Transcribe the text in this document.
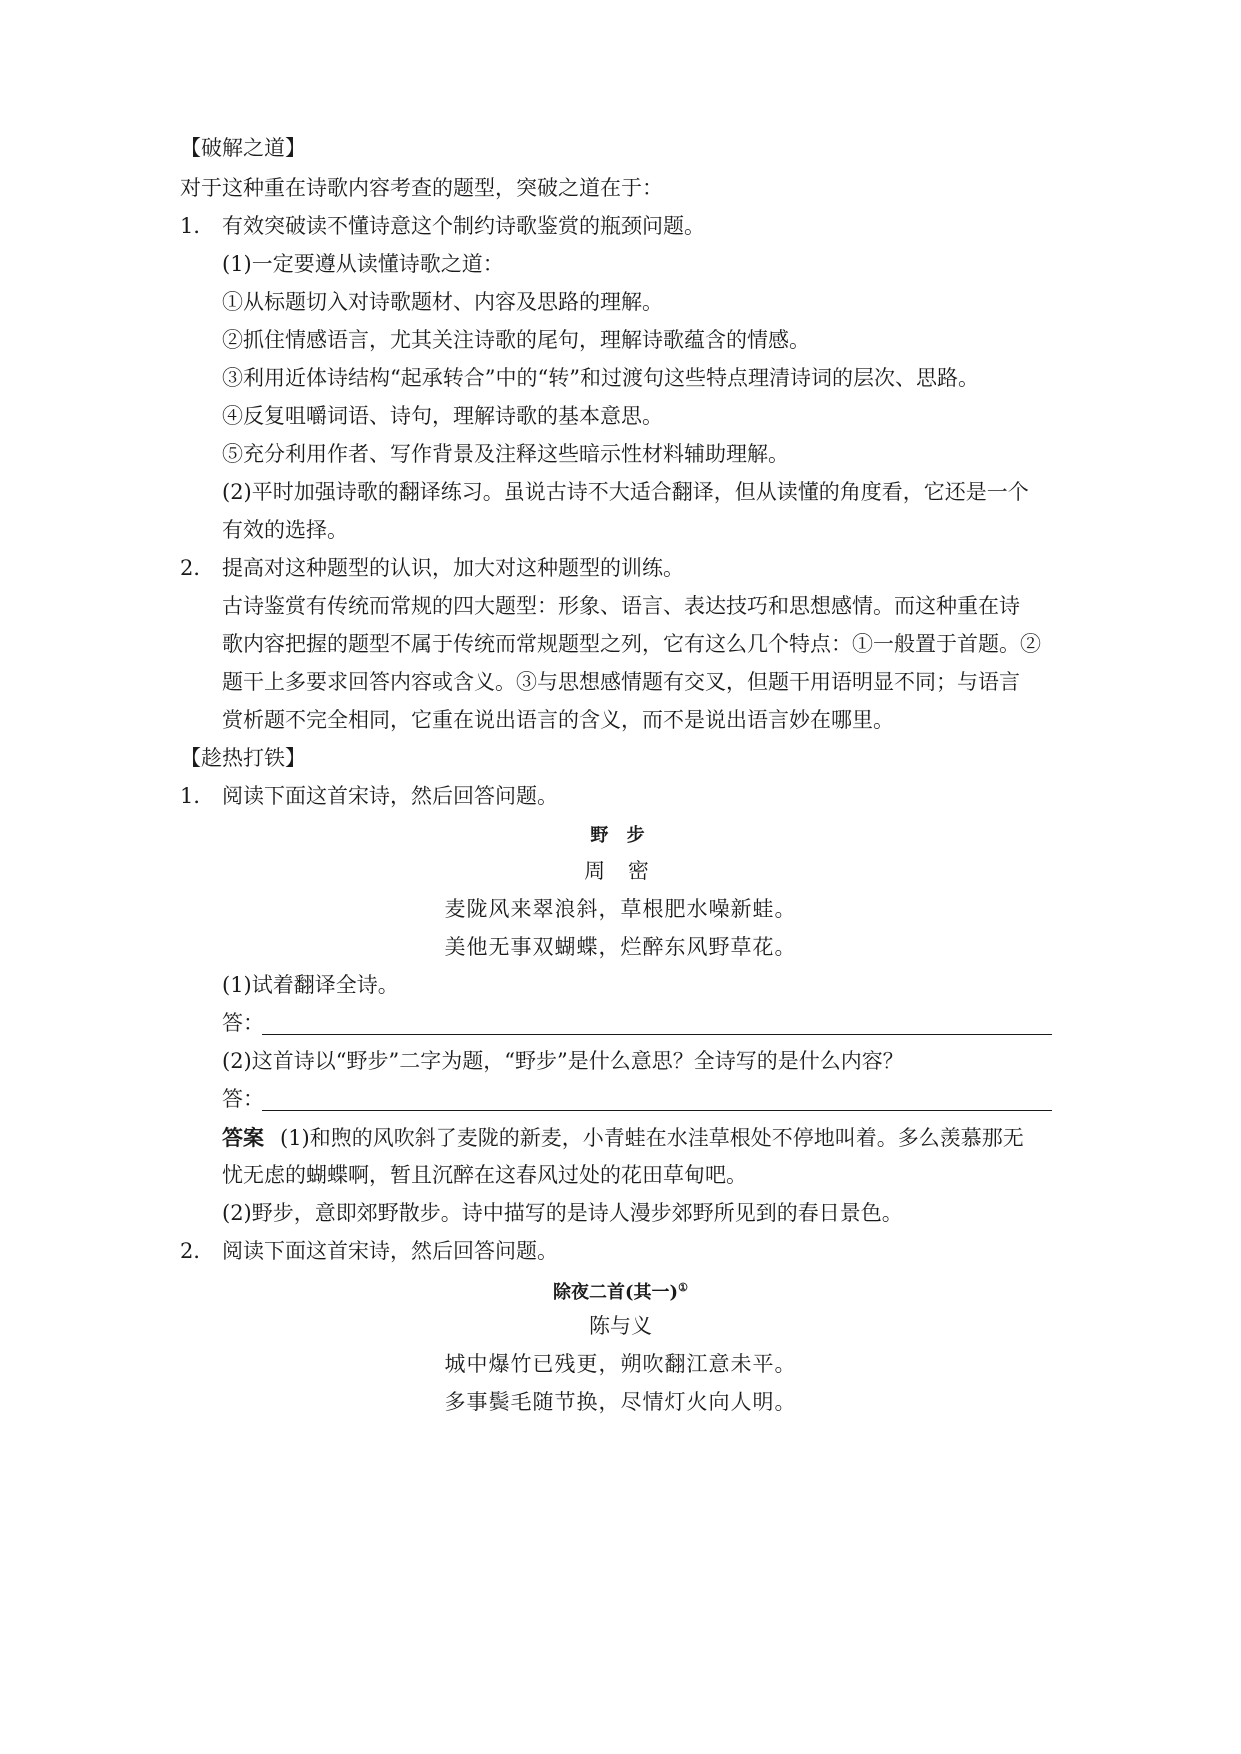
【破解之道】
对于这种重在诗歌内容考查的题型，突破之道在于：
1． 有效突破读不懂诗意这个制约诗歌鉴赏的瓶颈问题。
(1)一定要遵从读懂诗歌之道：
①从标题切入对诗歌题材、内容及思路的理解。
②抓住情感语言，尤其关注诗歌的尾句，理解诗歌蕴含的情感。
③利用近体诗结构“起承转合”中的“转”和过渡句这些特点理清诗词的层次、思路。
④反复咀嚼词语、诗句，理解诗歌的基本意思。
⑤充分利用作者、写作背景及注释这些暗示性材料辅助理解。
(2)平时加强诗歌的翻译练习。虽说古诗不大适合翻译，但从读懂的角度看，它还是一个
有效的选择。
2． 提高对这种题型的认识，加大对这种题型的训练。
古诗鉴赏有传统而常规的四大题型：形象、语言、表达技巧和思想感情。而这种重在诗
歌内容把握的题型不属于传统而常规题型之列，它有这么几个特点：①一般置于首题。②
题干上多要求回答内容或含义。③与思想感情题有交叉，但题干用语明显不同；与语言
赏析题不完全相同，它重在说出语言的含义，而不是说出语言妙在哪里。
【趁热打铁】
1． 阅读下面这首宋诗，然后回答问题。
野 步
周 密
麦陇风来翠浪斜，草根肥水噪新蛙。
美他无事双蝴蝶，烂醉东风野草花。
(1)试着翻译全诗。
答：
(2)这首诗以“野步”二字为题，“野步”是什么意思？全诗写的是什么内容？
答：
答案 (1)和煦的风吹斜了麦陇的新麦，小青蛙在水洼草根处不停地叫着。多么羡慕那无
忧无虑的蝴蝶啊，暂且沉醉在这春风过处的花田草甸吧。
(2)野步，意即郊野散步。诗中描写的是诗人漫步郊野所见到的春日景色。
2． 阅读下面这首宋诗，然后回答问题。
除夜二首(其一)①
陈与义
城中爆竹已残更，朔吹翻江意未平。
多事鬓毛随节换，尽情灯火向人明。
